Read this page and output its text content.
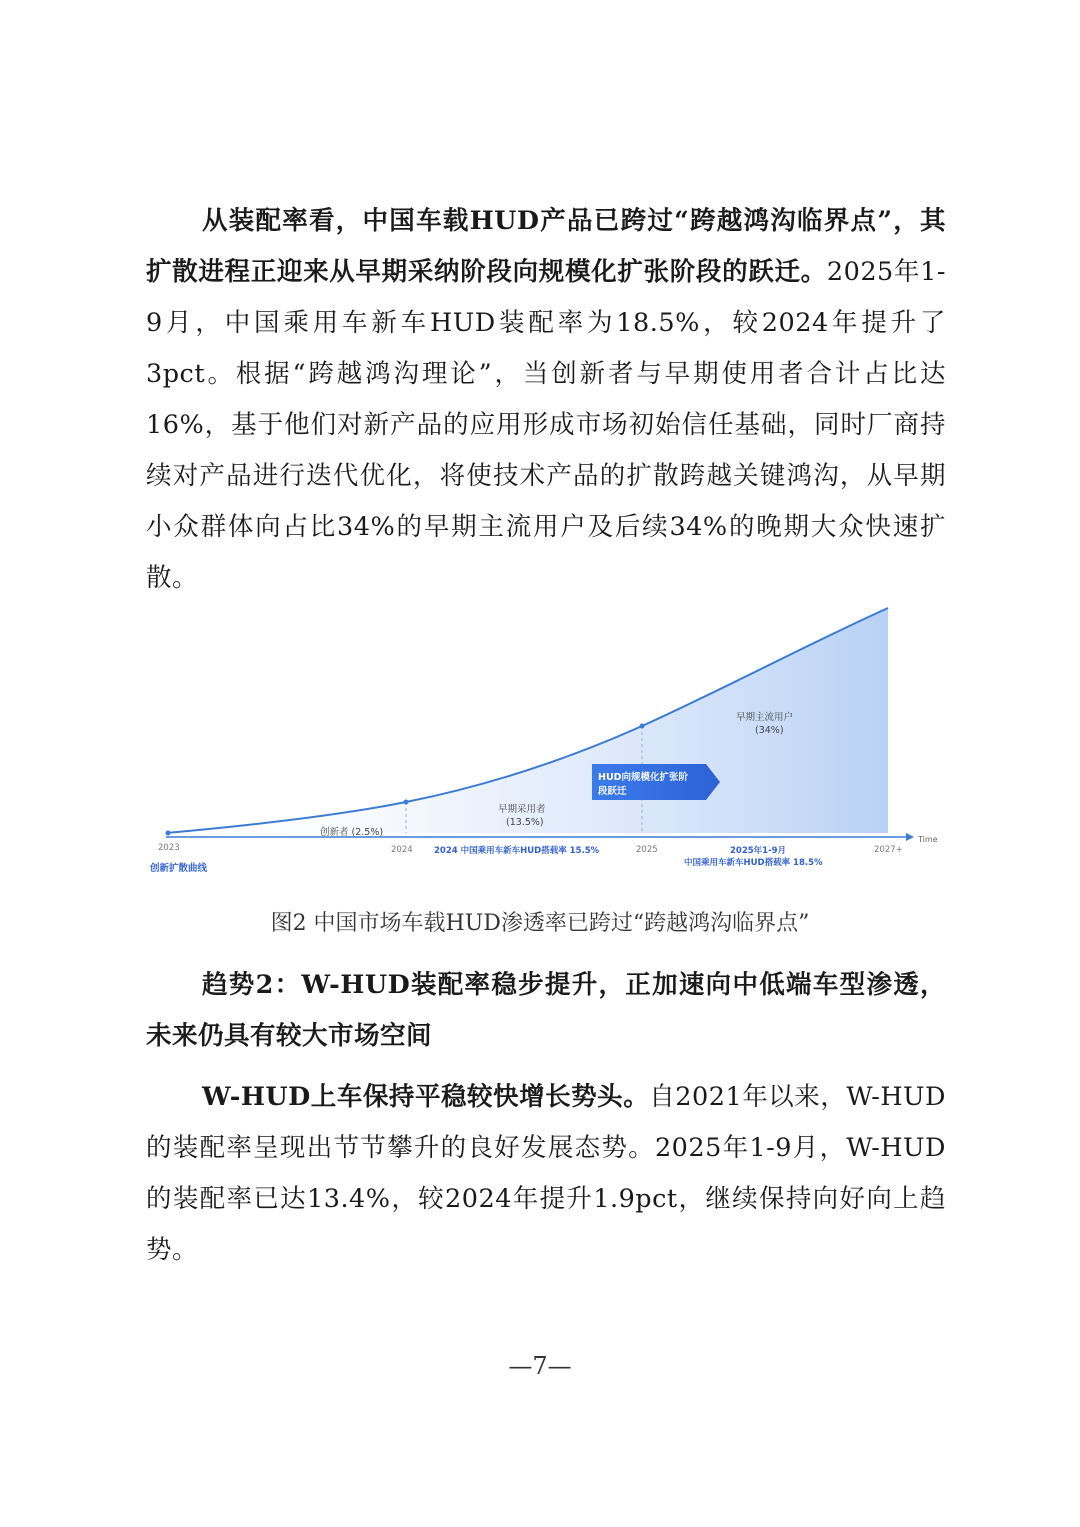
从装配率看，中国车载HUD产品已跨过“跨越鸿沟临界点”，其扩散进程正迎来从早期采纳阶段向规模化扩张阶段的跃迁。2025年1-9月，中国乘用车新车HUD装配率为18.5%，较2024年提升了3pct。根据“跨越鸿沟理论”，当创新者与早期使用者合计占比达16%，基于他们对新产品的应用形成市场初始信任基础，同时厂商持续对产品进行迭代优化，将使技术产品的扩散跨越关键鸿沟，从早期小众群体向占比34%的早期主流用户及后续34%的晚期大众快速扩散。

Time
2023	2024	2025	2027+
创新者 (2.5%)
早期采用者
(13.5%)
早期主流用户
(34%)
HUD向规模化扩张阶
段跃迁
2024 中国乘用车新车HUD搭载率 15.5%	2025年1-9月
中国乘用车新车HUD搭载率 18.5%
创新扩散曲线
图2 中国市场车载HUD渗透率已跨过“跨越鸿沟临界点”

趋势2：W-HUD装配率稳步提升，正加速向中低端车型渗透，未来仍具有较大市场空间

W-HUD上车保持平稳较快增长势头。自2021年以来，W-HUD的装配率呈现出节节攀升的良好发展态势。2025年1-9月，W-HUD的装配率已达13.4%，较2024年提升1.9pct，继续保持向好向上趋势。

—7—
